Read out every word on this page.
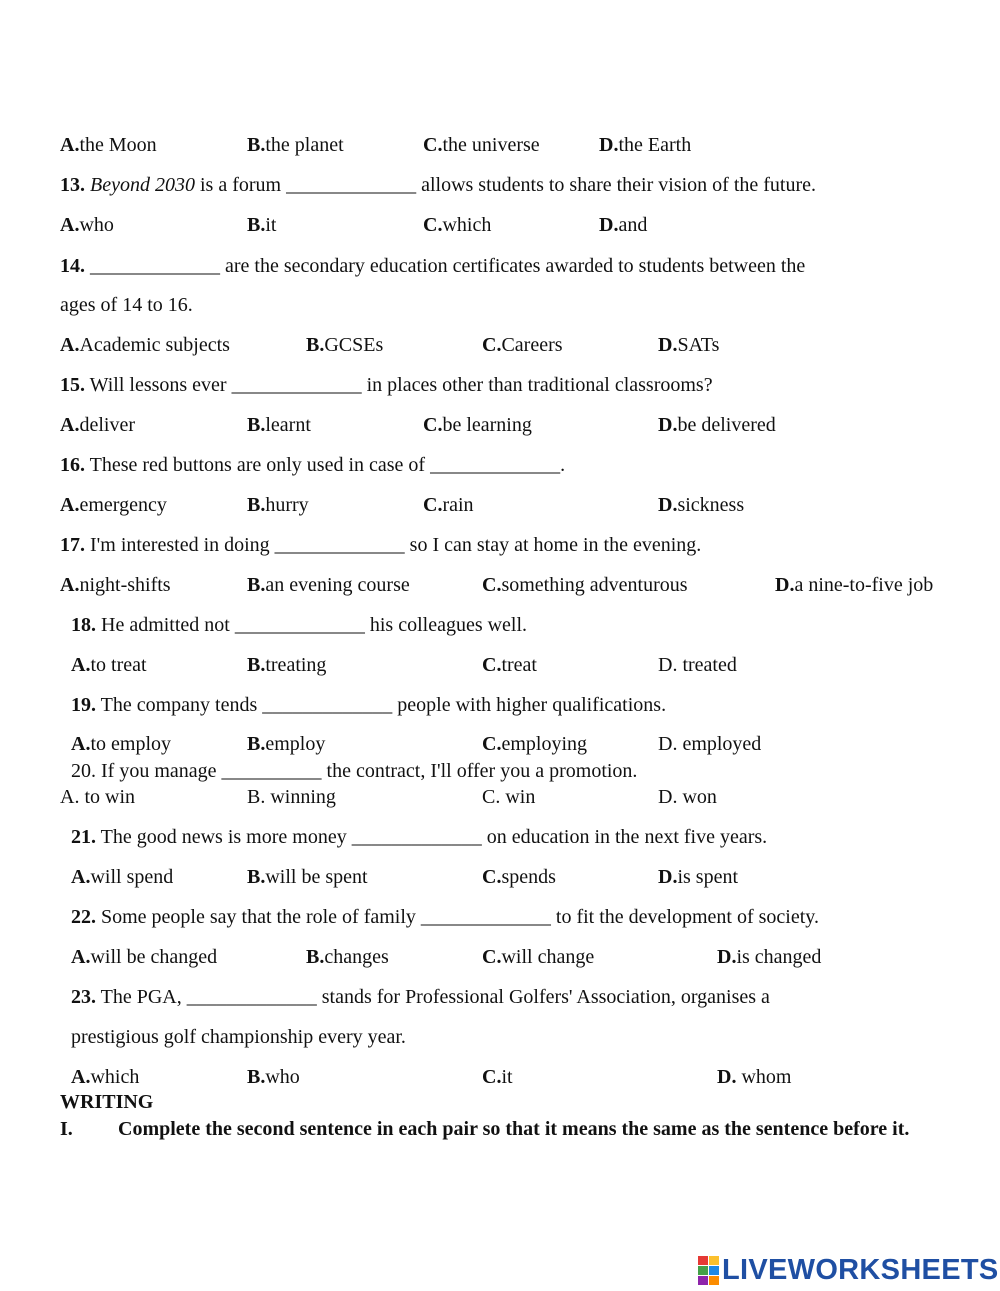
A.the Moon	B.the planet	C.the universe	D.the Earth
13. Beyond 2030 is a forum _____________ allows students to share their vision of the future.
A.who	B.it	C.which	D.and
14. _____________ are the secondary education certificates awarded to students between the
ages of 14 to 16.
A.Academic subjects	B.GCSEs	C.Careers	D.SATs
15. Will lessons ever _____________ in places other than traditional classrooms?
A.deliver	B.learnt	C.be learning	D.be delivered
16. These red buttons are only used in case of _____________.
A.emergency	B.hurry	C.rain	D.sickness
17. I'm interested in doing _____________ so I can stay at home in the evening.
A.night-shifts	B.an evening course	C.something adventurous	D.a nine-to-five job
18. He admitted not _____________ his colleagues well.
A.to treat	B.treating	C.treat	D. treated
19. The company tends _____________ people with higher qualifications.
A.to employ	B.employ	C.employing	D. employed
20. If you manage __________ the contract, I'll offer you a promotion.
A. to win	B. winning	C. win	D. won
21. The good news is more money _____________ on education in the next five years.
A.will spend	B.will be spent	C.spends	D.is spent
22. Some people say that the role of family _____________ to fit the development of society.
A.will be changed	B.changes	C.will change	D.is changed
23. The PGA, _____________ stands for Professional Golfers' Association, organises a
prestigious golf championship every year.
A.which	B.who	C.it	D. whom
WRITING
I. Complete the second sentence in each pair so that it means the same as the sentence before it.
LIVEWORKSHEETS
